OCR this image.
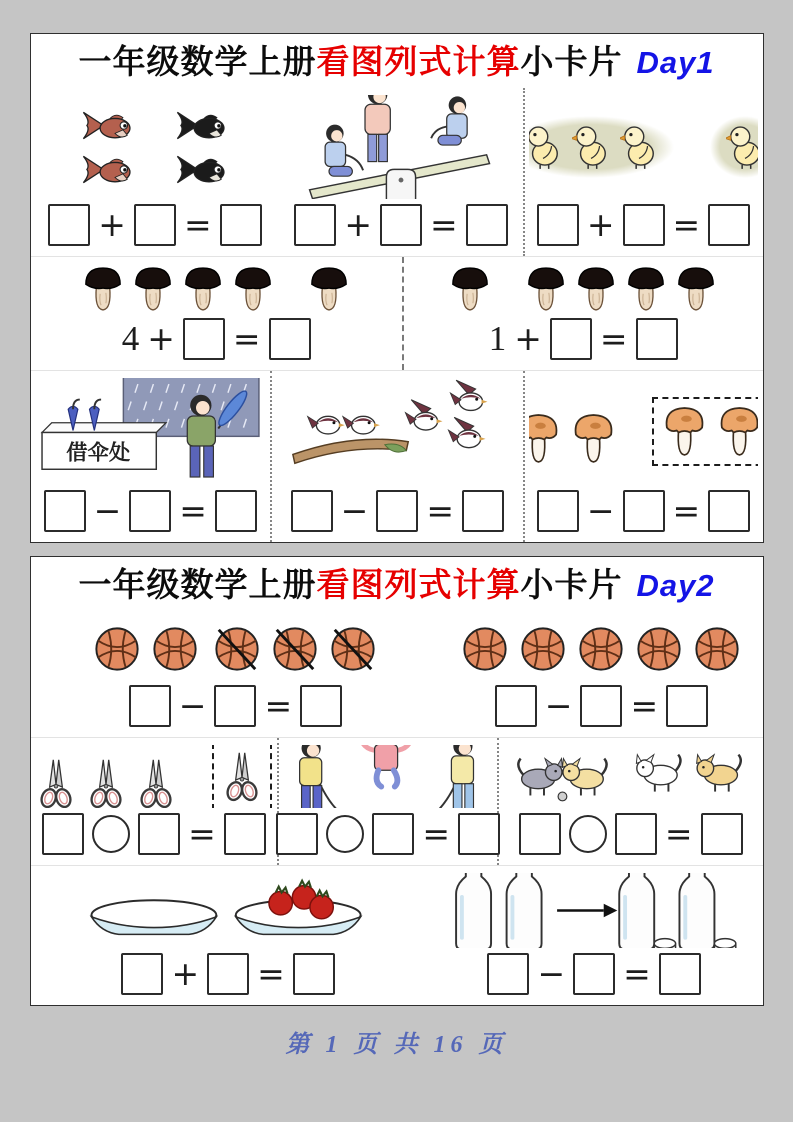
一年级数学上册看图列式计算小卡片 Day1
+ =	+ =	+ =
4 + =	1 + =
借伞处
− =	− =	− =
一年级数学上册看图列式计算小卡片 Day2
− =	− =
=	=	=
+ =	− =
第 1 页 共 16 页
